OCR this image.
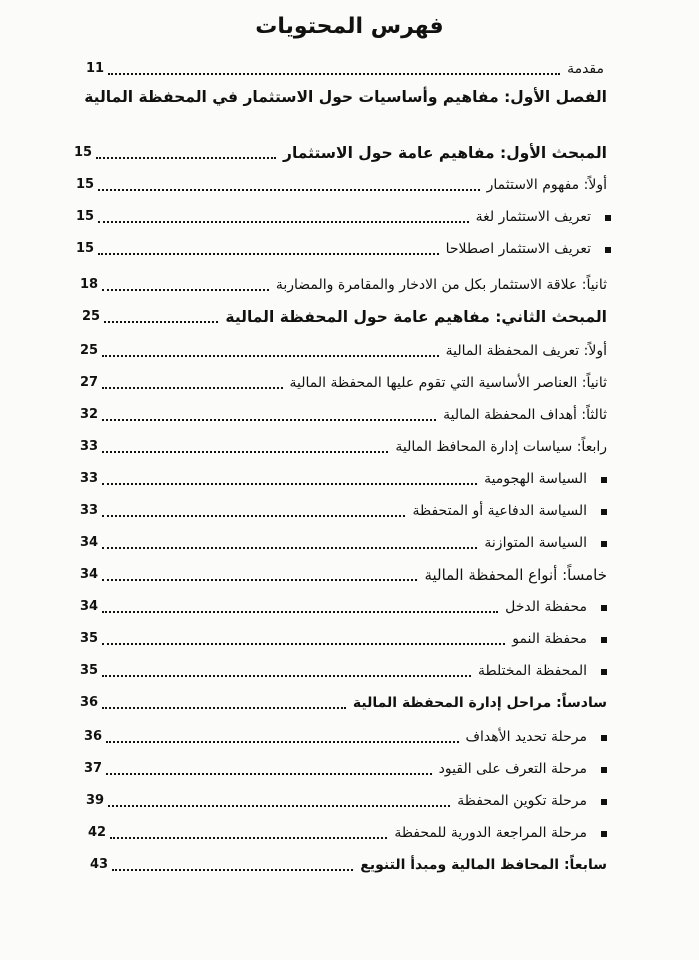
فهرس المحتويات
مقدمة
11
الفصل الأول: مفاهيم وأساسيات حول الاستثمار في المحفظة المالية
المبحث الأول: مفاهيم عامة حول الاستثمار
15
أولاً: مفهوم الاستثمار
15
تعريف الاستثمار لغة
15
تعريف الاستثمار اصطلاحا
15
ثانياً: علاقة الاستثمار بكل من الادخار والمقامرة والمضاربة
18
المبحث الثاني: مفاهيم عامة حول المحفظة المالية
25
أولاً: تعريف المحفظة المالية
25
ثانياً: العناصر الأساسية التي تقوم عليها المحفظة المالية
27
ثالثاً: أهداف المحفظة المالية
32
رابعاً: سياسات إدارة المحافظ المالية
33
السياسة الهجومية
33
السياسة الدفاعية أو المتحفظة
33
السياسة المتوازنة
34
خامساً: أنواع المحفظة المالية
34
محفظة الدخل
34
محفظة النمو
35
المحفظة المختلطة
35
سادساً: مراحل إدارة المحفظة المالية
36
مرحلة تحديد الأهداف
36
مرحلة التعرف على القيود
37
مرحلة تكوين المحفظة
39
مرحلة المراجعة الدورية للمحفظة
42
سابعاً: المحافظ المالية ومبدأ التنويع
43
